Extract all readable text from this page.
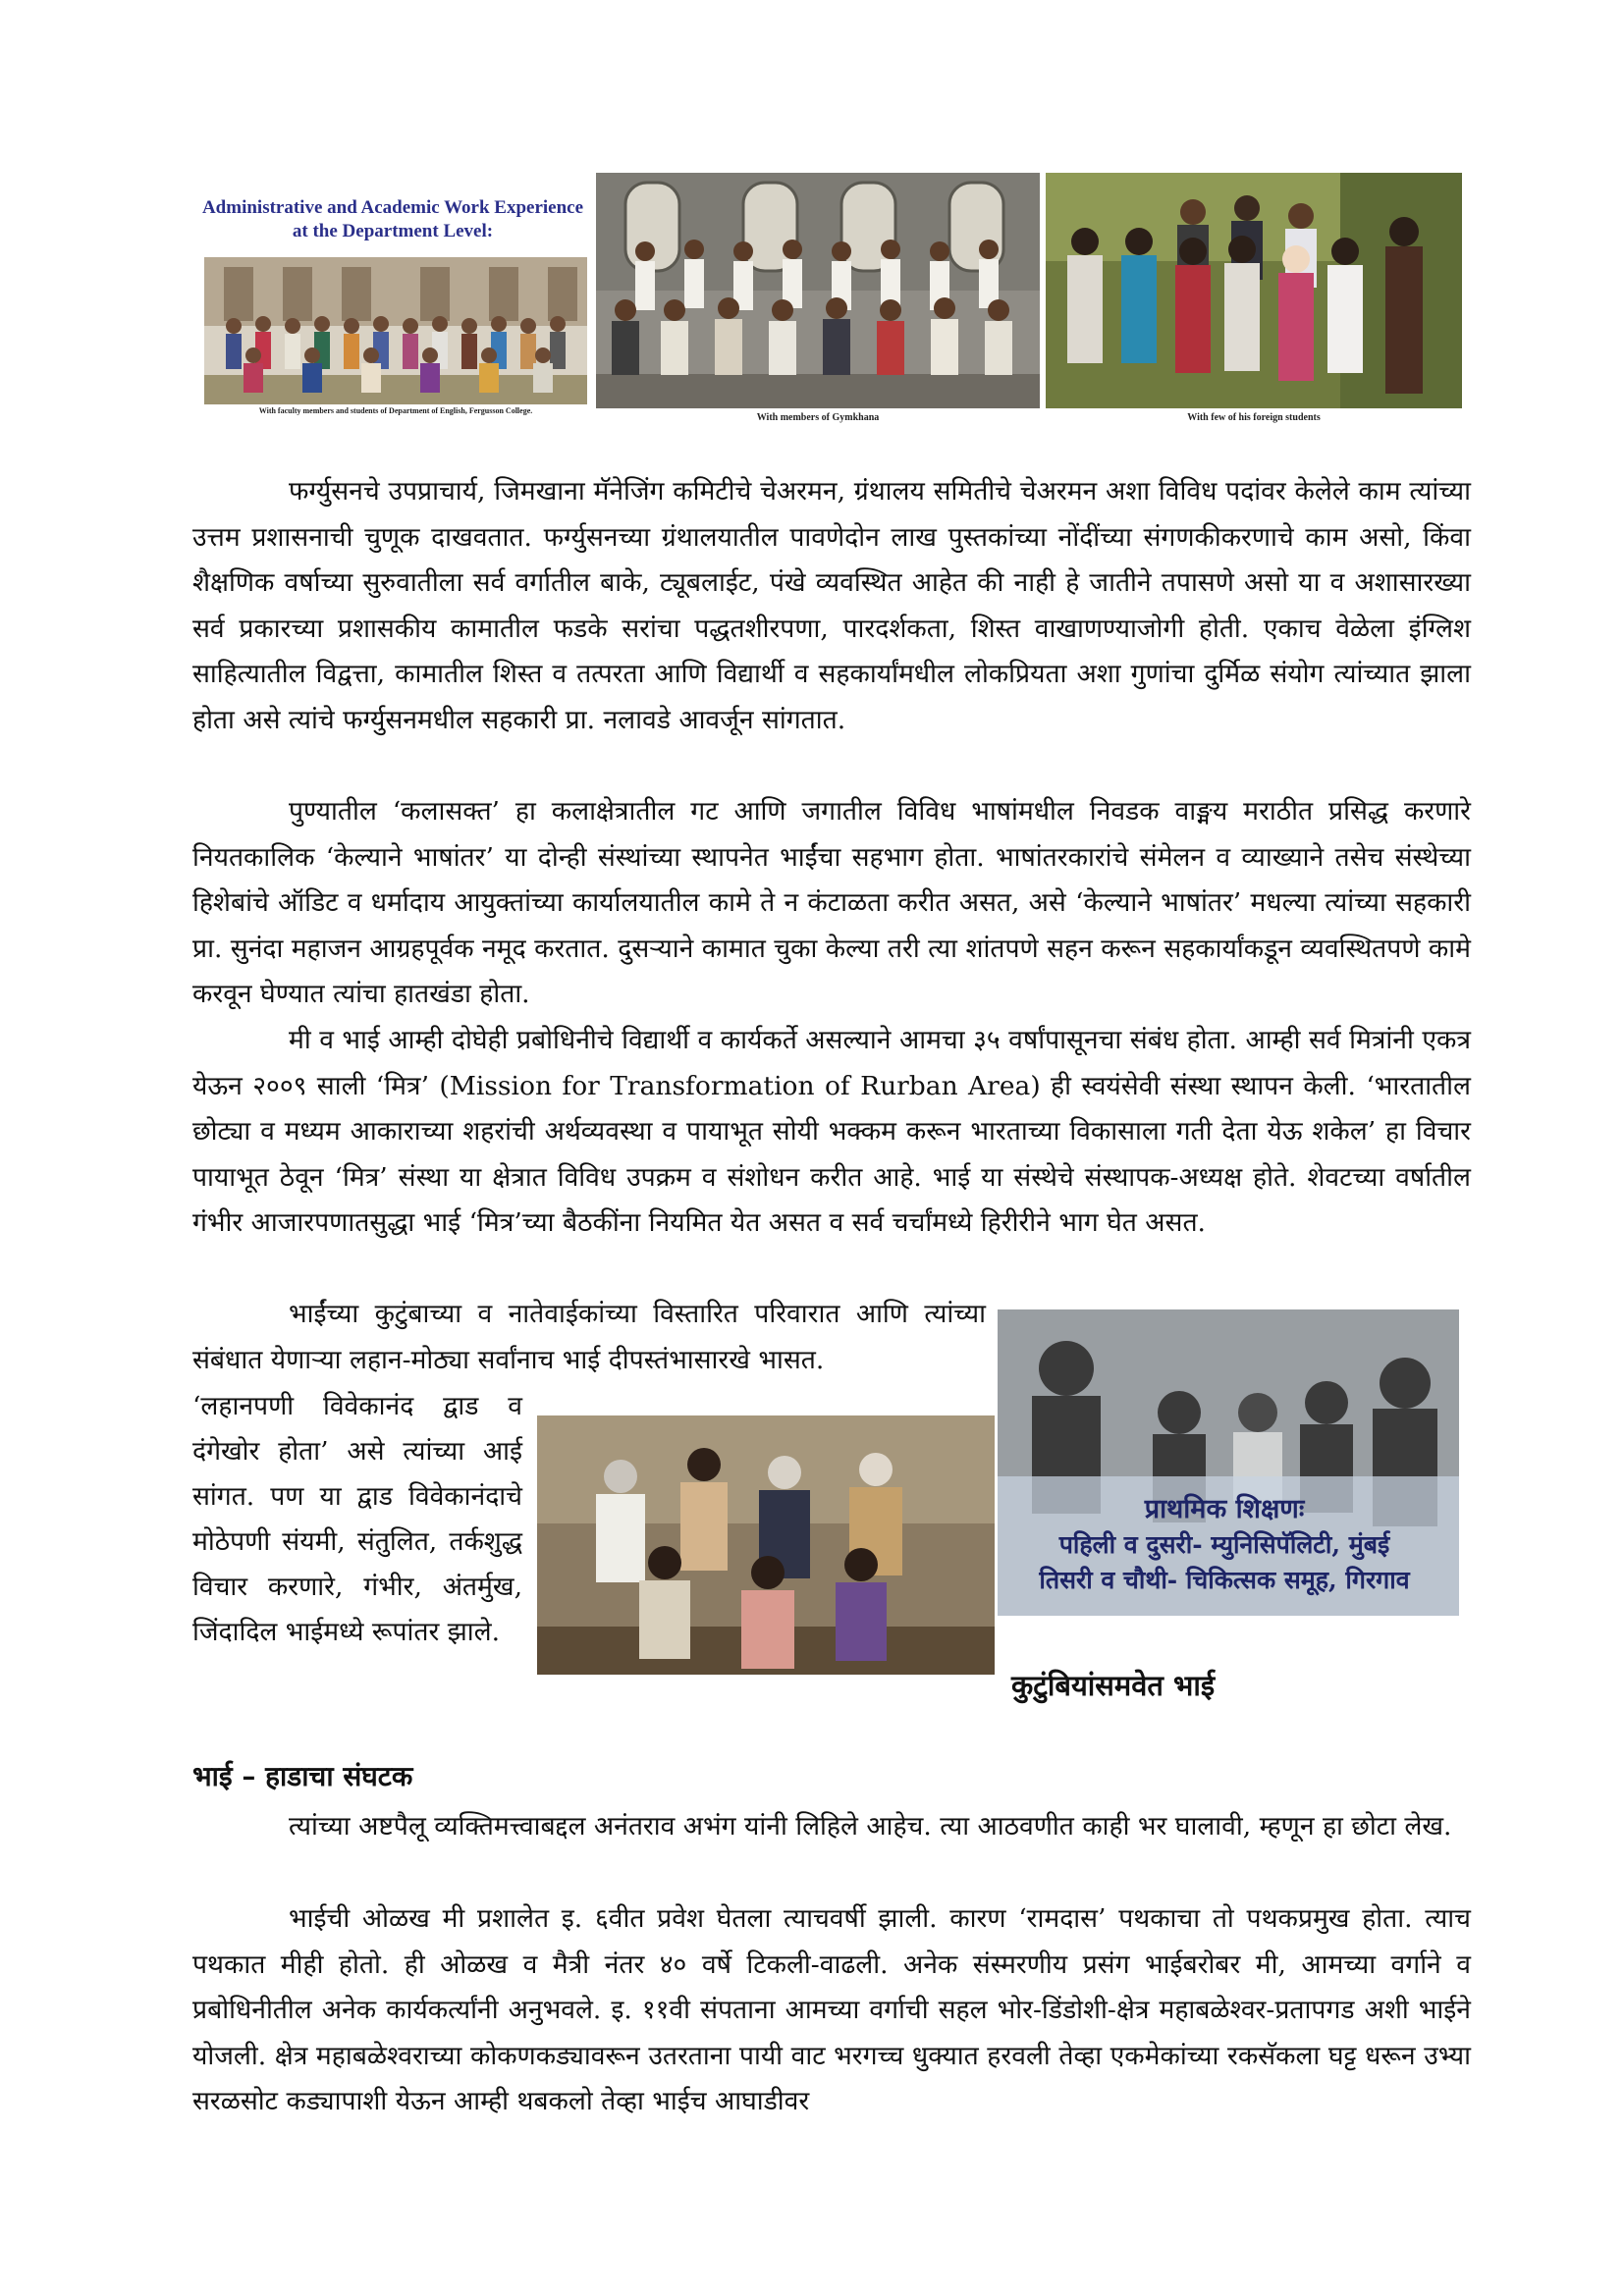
Administrative and Academic Work Experience at the Department Level:
With faculty members and students of Department of English, Fergusson College.
With members of Gymkhana	With few of his foreign students

फर्ग्युसनचे उपप्राचार्य, जिमखाना मॅनेजिंग कमिटीचे चेअरमन, ग्रंथालय समितीचे चेअरमन अशा विविध पदांवर केलेले काम त्यांच्या उत्तम प्रशासनाची चुणूक दाखवतात. फर्ग्युसनच्या ग्रंथालयातील पावणेदोन लाख पुस्तकांच्या नोंदींच्या संगणकीकरणाचे काम असो, किंवा शैक्षणिक वर्षाच्या सुरुवातीला सर्व वर्गातील बाके, ट्यूबलाईट, पंखे व्यवस्थित आहेत की नाही हे जातीने तपासणे असो या व अशासारख्या सर्व प्रकारच्या प्रशासकीय कामातील फडके सरांचा पद्धतशीरपणा, पारदर्शकता, शिस्त वाखाणण्याजोगी होती. एकाच वेळेला इंग्लिश साहित्यातील विद्वत्ता, कामातील शिस्त व तत्परता आणि विद्यार्थी व सहकार्यांमधील लोकप्रियता अशा गुणांचा दुर्मिळ संयोग त्यांच्यात झाला होता असे त्यांचे फर्ग्युसनमधील सहकारी प्रा. नलावडे आवर्जून सांगतात.

पुण्यातील ‘कलासक्त’ हा कलाक्षेत्रातील गट आणि जगातील विविध भाषांमधील निवडक वाङ्मय मराठीत प्रसिद्ध करणारे नियतकालिक ‘केल्याने भाषांतर’ या दोन्ही संस्थांच्या स्थापनेत भाईंचा सहभाग होता. भाषांतरकारांचे संमेलन व व्याख्याने तसेच संस्थेच्या हिशेबांचे ऑडिट व धर्मादाय आयुक्तांच्या कार्यालयातील कामे ते न कंटाळता करीत असत, असे ‘केल्याने भाषांतर’ मधल्या त्यांच्या सहकारी प्रा. सुनंदा महाजन आग्रहपूर्वक नमूद करतात. दुसऱ्याने कामात चुका केल्या तरी त्या शांतपणे सहन करून सहकार्यांकडून व्यवस्थितपणे कामे करवून घेण्यात त्यांचा हातखंडा होता.

मी व भाई आम्ही दोघेही प्रबोधिनीचे विद्यार्थी व कार्यकर्ते असल्याने आमचा ३५ वर्षांपासूनचा संबंध होता. आम्ही सर्व मित्रांनी एकत्र येऊन २००९ साली ‘मित्र’ (Mission for Transformation of Rurban Area) ही स्वयंसेवी संस्था स्थापन केली. ‘भारतातील छोट्या व मध्यम आकाराच्या शहरांची अर्थव्यवस्था व पायाभूत सोयी भक्कम करून भारताच्या विकासाला गती देता येऊ शकेल’ हा विचार पायाभूत ठेवून ‘मित्र’ संस्था या क्षेत्रात विविध उपक्रम व संशोधन करीत आहे. भाई या संस्थेचे संस्थापक-अध्यक्ष होते. शेवटच्या वर्षातील गंभीर आजारपणातसुद्धा भाई ‘मित्र’च्या बैठकींना नियमित येत असत व सर्व चर्चांमध्ये हिरीरीने भाग घेत असत.

भाईंच्या कुटुंबाच्या व नातेवाईकांच्या विस्तारित परिवारात आणि त्यांच्या संबंधात येणाऱ्या लहान-मोठ्या सर्वांनाच भाई दीपस्तंभासारखे भासत.

‘लहानपणी विवेकानंद द्वाड व दंगेखोर होता’ असे त्यांच्या आई सांगत. पण या द्वाड विवेकानंदाचे मोठेपणी संयमी, संतुलित, तर्कशुद्ध विचार करणारे, गंभीर, अंतर्मुख, जिंदादिल भाईमध्ये रूपांतर झाले.

प्राथमिक शिक्षणः
पहिली व दुसरी- म्युनिसिपॅलिटी, मुंबई
तिसरी व चौथी- चिकित्सक समूह, गिरगाव
कुटुंबियांसमवेत भाई
भाई – हाडाचा संघटक

त्यांच्या अष्टपैलू व्यक्तिमत्त्वाबद्दल अनंतराव अभंग यांनी लिहिले आहेच. त्या आठवणीत काही भर घालावी, म्हणून हा छोटा लेख.

भाईची ओळख मी प्रशालेत इ. ६वीत प्रवेश घेतला त्याचवर्षी झाली. कारण ‘रामदास’ पथकाचा तो पथकप्रमुख होता. त्याच पथकात मीही होतो. ही ओळख व मैत्री नंतर ४० वर्षे टिकली-वाढली. अनेक संस्मरणीय प्रसंग भाईबरोबर मी, आमच्या वर्गाने व प्रबोधिनीतील अनेक कार्यकर्त्यांनी अनुभवले. इ. ११वी संपताना आमच्या वर्गाची सहल भोर-डिंडोशी-क्षेत्र महाबळेश्वर-प्रतापगड अशी भाईने योजली. क्षेत्र महाबळेश्वराच्या कोकणकड्यावरून उतरताना पायी वाट भरगच्च धुक्यात हरवली तेव्हा एकमेकांच्या रकसॅकला घट्ट धरून उभ्या सरळसोट कड्यापाशी येऊन आम्ही थबकलो तेव्हा भाईच आघाडीवर
